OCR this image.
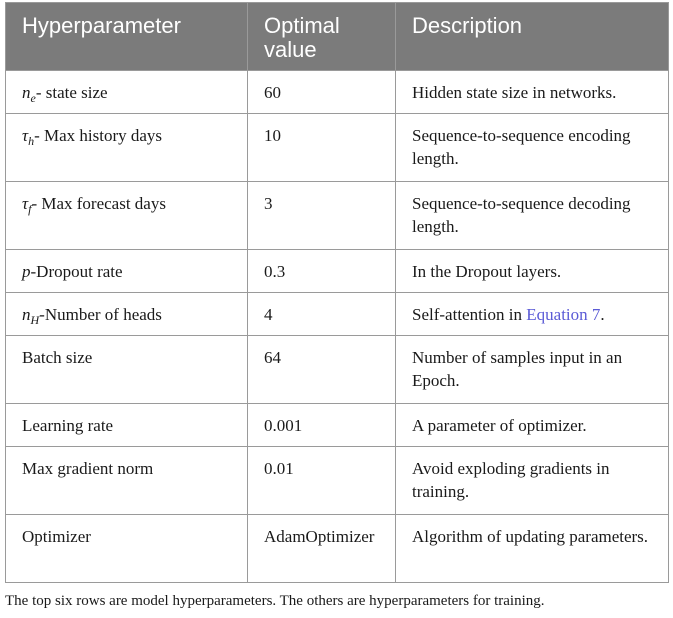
Hyperparameter	Optimal value	Description
$n_e-$ state size	60	Hidden state size in networks.
$\tau_h-$ Max history days	10	Sequence-to-sequence encoding length.
$\tau_f-$ Max forecast days	3	Sequence-to-sequence decoding length.
p-Dropout rate	0.3	In the Dropout layers.
$n_H$-Number of heads	4	Self-attention in Equation 7.
Batch size	64	Number of samples input in an Epoch.
Learning rate	0.001	A parameter of optimizer.
Max gradient norm	0.01	Avoid exploding gradients in training.
Optimizer	AdamOptimizer	Algorithm of updating parameters.
The top six rows are model hyperparameters. The others are hyperparameters for training.
